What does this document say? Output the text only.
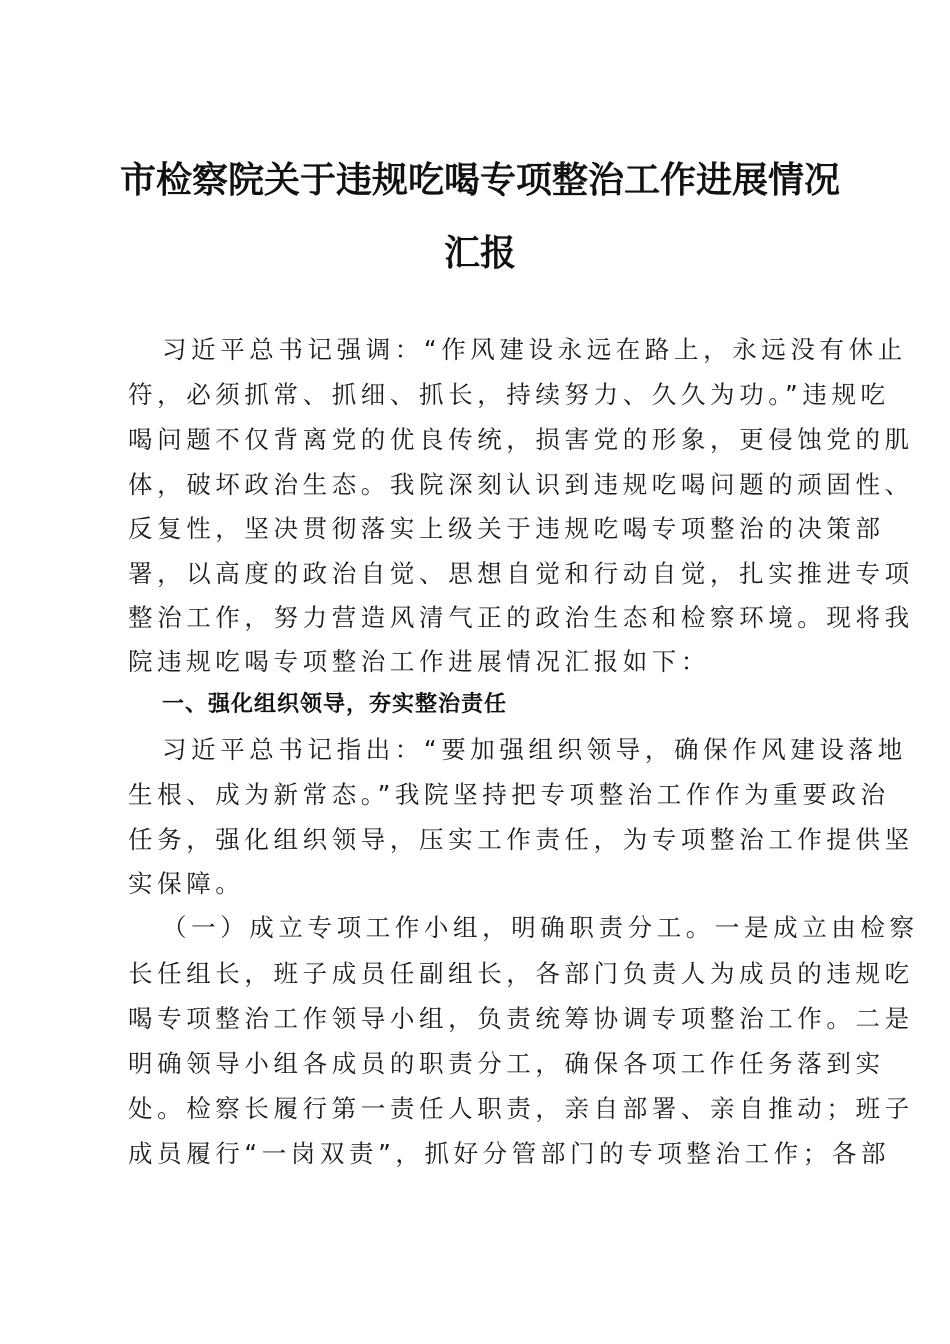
市检察院关于违规吃喝专项整治工作进展情况
汇报
习近平总书记强调：“作风建设永远在路上，永远没有休止
符，必须抓常、抓细、抓长，持续努力、久久为功。”违规吃
喝问题不仅背离党的优良传统，损害党的形象，更侵蚀党的肌
体，破坏政治生态。我院深刻认识到违规吃喝问题的顽固性、
反复性，坚决贯彻落实上级关于违规吃喝专项整治的决策部
署，以高度的政治自觉、思想自觉和行动自觉，扎实推进专项
整治工作，努力营造风清气正的政治生态和检察环境。现将我
院违规吃喝专项整治工作进展情况汇报如下：
一、强化组织领导，夯实整治责任
习近平总书记指出：“要加强组织领导，确保作风建设落地
生根、成为新常态。”我院坚持把专项整治工作作为重要政治
任务，强化组织领导，压实工作责任，为专项整治工作提供坚
实保障。
（一）成立专项工作小组，明确职责分工。一是成立由检察
长任组长，班子成员任副组长，各部门负责人为成员的违规吃
喝专项整治工作领导小组，负责统筹协调专项整治工作。二是
明确领导小组各成员的职责分工，确保各项工作任务落到实
处。检察长履行第一责任人职责，亲自部署、亲自推动；班子
成员履行“一岗双责”，抓好分管部门的专项整治工作；各部
